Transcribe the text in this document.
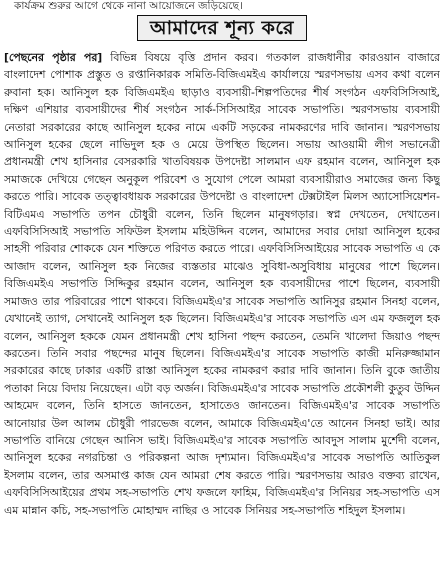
কার্যক্রম শুরুর আগে থেকে নানা আয়োজনে জড়িয়েছে।
আমাদের শূন্য করে
[পেছনের পৃষ্ঠার পর] বিভিন্ন বিষয়ে বৃত্তি প্রদান করব। গতকাল রাজধানীর কারওয়ান বাজারে বাংলাদেশ পোশাক প্রস্তুত ও রপ্তানিকারক সমিতি-বিজিএমইএ কার্যালয়ে স্মরণসভায় এসব কথা বলেন রুবানা হক। আনিসুল হক বিজিএমইএ ছাড়াও ব্যবসায়ী-শিল্পপতিদের শীর্ষ সংগঠন এফবিসিসিআই, দক্ষিণ এশিয়ার ব্যবসায়ীদের শীর্ষ সংগঠন সার্ক-সিসিআইর সাবেক সভাপতি। স্মরণসভায় ব্যবসায়ী নেতারা সরকারের কাছে আনিসুল হকের নামে একটি সড়কের নামকরণের দাবি জানান। স্মরণসভায় আনিসুল হকের ছেলে নাভিদুল হক ও মেয়ে উপস্থিত ছিলেন। সভায় আওয়ামী লীগ সভানেত্রী প্রধানমন্ত্রী শেখ হাসিনার বেসরকারি খাতবিষয়ক উপদেষ্টা সালমান এফ রহমান বলেন, আনিসুল হক সমাজকে দেখিয়ে গেছেন অনুকূল পরিবেশ ও সুযোগ পেলে আমরা ব্যবসায়ীরাও সমাজের জন্য কিছু করতে পারি। সাবেক তত্ত্বাবধায়ক সরকারের উপদেষ্টা ও বাংলাদেশ টেক্সটাইল মিলস অ্যাসোসিয়েশন-বিটিএমএ সভাপতি তপন চৌধুরী বলেন, তিনি ছিলেন মানুষগড়ার। স্বপ্ন দেখতেন, দেখাতেন। এফবিসিসিআই সভাপতি সফিউল ইসলাম মহিউদ্দিন বলেন, আমাদের সবার দোয়া আনিসুল হকের সাহসী পরিবার শোককে যেন শক্তিতে পরিণত করতে পারে। এফবিসিসিআইয়ের সাবেক সভাপতি এ কে আজাদ বলেন, আনিসুল হক নিজের ব্যস্ততার মাঝেও সুবিধা-অসুবিধায় মানুষের পাশে ছিলেন। বিজিএমইএ সভাপতি সিদ্দিকুর রহমান বলেন, আনিসুল হক ব্যবসায়ীদের পাশে ছিলেন, ব্যবসায়ী সমাজও তার পরিবারের পাশে থাকবে। বিজিএমইএ'র সাবেক সভাপতি আনিসুর রহমান সিনহা বলেন, যেখানেই ত্যাগ, সেখানেই আনিসুল হক ছিলেন। বিজিএমইএ'র সাবেক সভাপতি এস এম ফজলুল হক বলেন, আনিসুল হককে যেমন প্রধানমন্ত্রী শেখ হাসিনা পছন্দ করতেন, তেমনি খালেদা জিয়াও পছন্দ করতেন। তিনি সবার পছন্দের মানুষ ছিলেন। বিজিএমইএ'র সাবেক সভাপতি কাজী মনিরুজ্জামান সরকারের কাছে ঢাকার একটি রাস্তা আনিসুল হকের নামকরণ করার দাবি জানান। তিনি বুকে জাতীয় পতাকা নিয়ে বিদায় নিয়েছেন। এটা বড় অর্জন। বিজিএমইএ'র সাবেক সভাপতি প্রকৌশলী কুতুব উদ্দিন আহমেদ বলেন, তিনি হাসতে জানতেন, হাসাতেও জানতেন। বিজিএমইএ'র সাবেক সভাপতি আনোয়ার উল আলম চৌধুরী পারভেজ বলেন, আমাকে বিজিএমইএ'তে আনেন সিনহা ভাই। আর সভাপতি বানিয়ে গেছেন আনিস ভাই। বিজিএমইএ'র সাবেক সভাপতি আবদুস সালাম মুর্শেদী বলেন, আনিসুল হকের নগরচিন্তা ও পরিকল্পনা আজ দৃশ্যমান। বিজিএমইএ'র সাবেক সভাপতি আতিকুল ইসলাম বলেন, তার অসমাপ্ত কাজ যেন আমরা শেষ করতে পারি। স্মরণসভায় আরও বক্তব্য রাখেন, এফবিসিসিআইয়ের প্রথম সহ-সভাপতি শেখ ফজলে ফাহিম, বিজিএমইএ'র সিনিয়র সহ-সভাপতি এস এম মান্নান কচি, সহ-সভাপতি মোহাম্মদ নাছির ও সাবেক সিনিয়র সহ-সভাপতি শহিদুল ইসলাম।
